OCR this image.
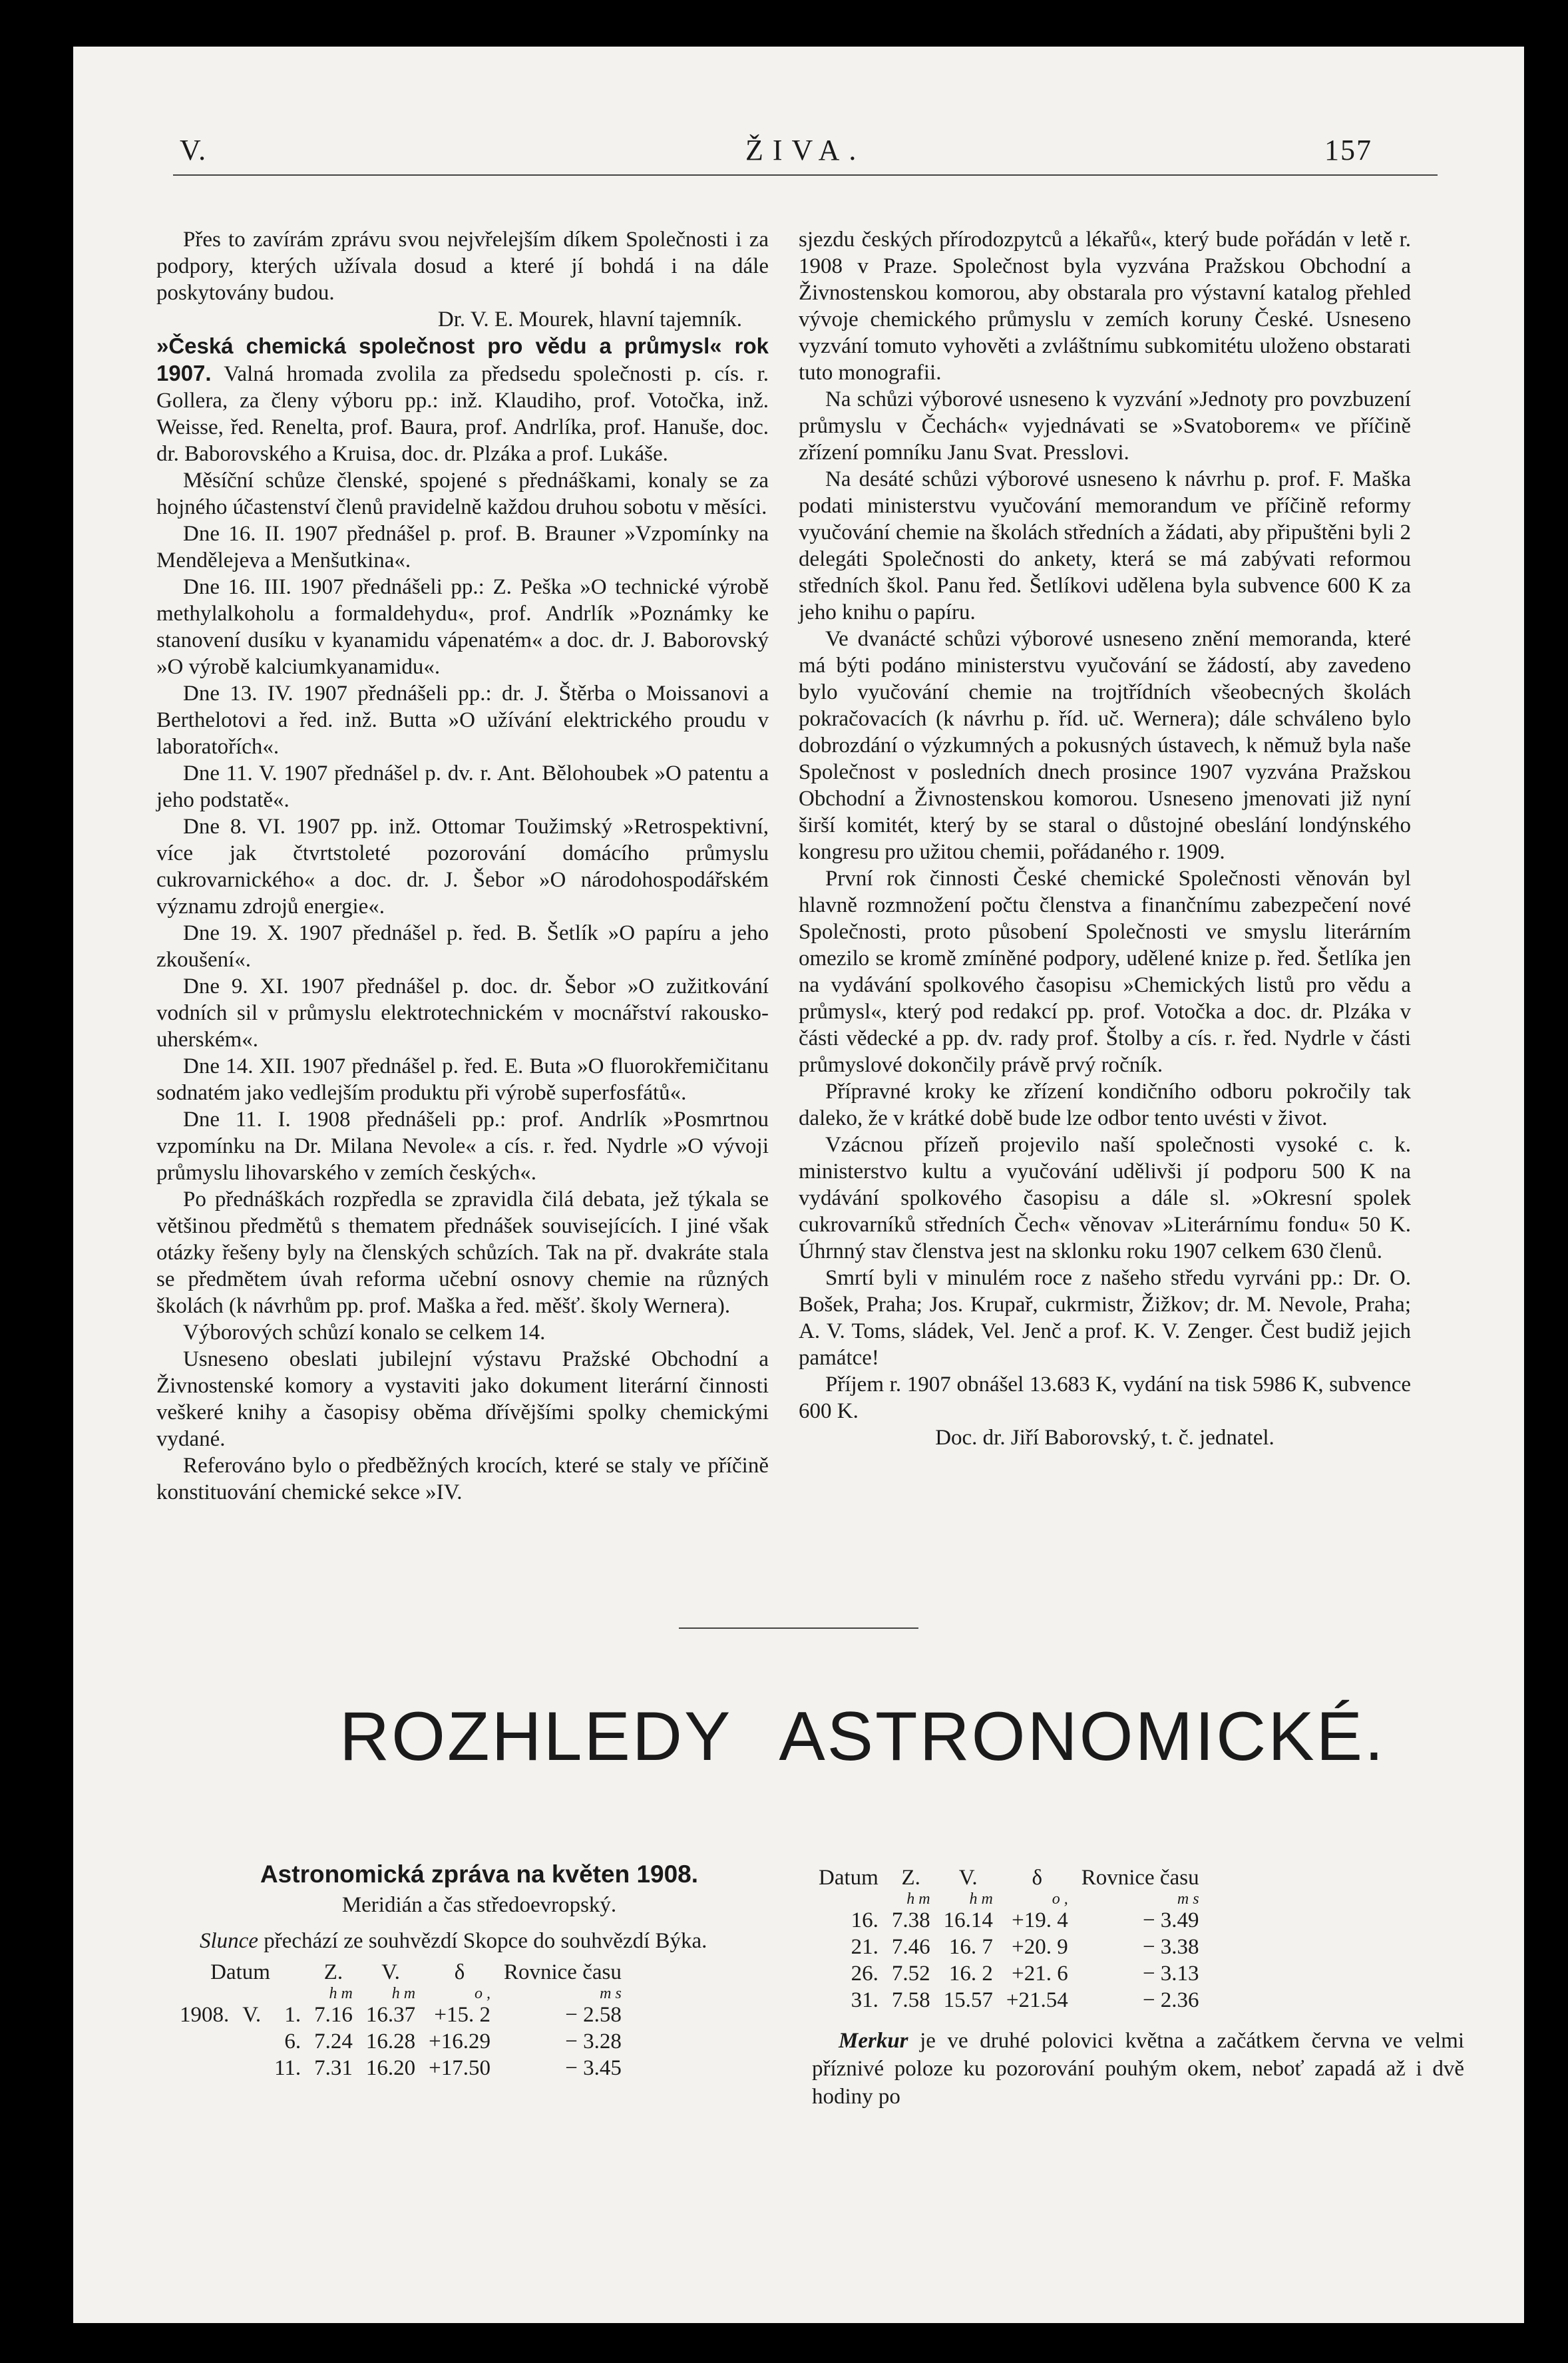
V.	ŽIVA.	157

Přes to zavírám zprávu svou nejvřelejším díkem Společnosti i za podpory, kterých užívala dosud a které jí bohdá i na dále poskytovány budou.

Dr. V. E. Mourek, hlavní tajemník.

»Česká chemická společnost pro vědu a průmysl« rok 1907. Valná hromada zvolila za předsedu společnosti p. cís. r. Gollera, za členy výboru pp.: inž. Klaudiho, prof. Votočka, inž. Weisse, řed. Renelta, prof. Baura, prof. Andrlíka, prof. Hanuše, doc. dr. Baborovského a Kruisa, doc. dr. Plzáka a prof. Lukáše.

Měsíční schůze členské, spojené s přednáškami, konaly se za hojného účastenství členů pravidelně každou druhou sobotu v měsíci.

Dne 16. II. 1907 přednášel p. prof. B. Brauner »Vzpomínky na Mendělejeva a Menšutkina«.

Dne 16. III. 1907 přednášeli pp.: Z. Peška »O technické výrobě methylalkoholu a formaldehydu«, prof. Andrlík »Poznámky ke stanovení dusíku v kyanamidu vápenatém« a doc. dr. J. Baborovský »O výrobě kalciumkyanamidu«.

Dne 13. IV. 1907 přednášeli pp.: dr. J. Štěrba o Moissanovi a Berthelotovi a řed. inž. Butta »O užívání elektrického proudu v laboratořích«.

Dne 11. V. 1907 přednášel p. dv. r. Ant. Bělohoubek »O patentu a jeho podstatě«.

Dne 8. VI. 1907 pp. inž. Ottomar Toužimský »Retrospektivní, více jak čtvrtstoleté pozorování domácího průmyslu cukrovarnického« a doc. dr. J. Šebor »O národohospodářském významu zdrojů energie«.

Dne 19. X. 1907 přednášel p. řed. B. Šetlík »O papíru a jeho zkoušení«.

Dne 9. XI. 1907 přednášel p. doc. dr. Šebor »O zužitkování vodních sil v průmyslu elektrotechnickém v mocnářství rakousko-uherském«.

Dne 14. XII. 1907 přednášel p. řed. E. Buta »O fluorokřemičitanu sodnatém jako vedlejším produktu při výrobě superfosfátů«.

Dne 11. I. 1908 přednášeli pp.: prof. Andrlík »Posmrtnou vzpomínku na Dr. Milana Nevole« a cís. r. řed. Nydrle »O vývoji průmyslu lihovarského v zemích českých«.

Po přednáškách rozpředla se zpravidla čilá debata, jež týkala se většinou předmětů s thematem přednášek souvisejících. I jiné však otázky řešeny byly na členských schůzích. Tak na př. dvakráte stala se předmětem úvah reforma učební osnovy chemie na různých školách (k návrhům pp. prof. Maška a řed. měšť. školy Wernera).

Výborových schůzí konalo se celkem 14.

Usneseno obeslati jubilejní výstavu Pražské Obchodní a Živnostenské komory a vystaviti jako dokument literární činnosti veškeré knihy a časopisy oběma dřívějšími spolky chemickými vydané.

Referováno bylo o předběžných krocích, které se staly ve příčině konstituování chemické sekce »IV.

sjezdu českých přírodozpytců a lékařů«, který bude pořádán v letě r. 1908 v Praze. Společnost byla vyzvána Pražskou Obchodní a Živnostenskou komorou, aby obstarala pro výstavní katalog přehled vývoje chemického průmyslu v zemích koruny České. Usneseno vyzvání tomuto vyhověti a zvláštnímu subkomitétu uloženo obstarati tuto monografii.

Na schůzi výborové usneseno k vyzvání »Jednoty pro povzbuzení průmyslu v Čechách« vyjednávati se »Svatoborem« ve příčině zřízení pomníku Janu Svat. Presslovi.

Na desáté schůzi výborové usneseno k návrhu p. prof. F. Maška podati ministerstvu vyučování memorandum ve příčině reformy vyučování chemie na školách středních a žádati, aby připuštěni byli 2 delegáti Společnosti do ankety, která se má zabývati reformou středních škol. Panu řed. Šetlíkovi udělena byla subvence 600 K za jeho knihu o papíru.

Ve dvanácté schůzi výborové usneseno znění memoranda, které má býti podáno ministerstvu vyučování se žádostí, aby zavedeno bylo vyučování chemie na trojtřídních všeobecných školách pokračovacích (k návrhu p. říd. uč. Wernera); dále schváleno bylo dobrozdání o výzkumných a pokusných ústavech, k němuž byla naše Společnost v posledních dnech prosince 1907 vyzvána Pražskou Obchodní a Živnostenskou komorou. Usneseno jmenovati již nyní širší komitét, který by se staral o důstojné obeslání londýnského kongresu pro užitou chemii, pořádaného r. 1909.

První rok činnosti České chemické Společnosti věnován byl hlavně rozmnožení počtu členstva a finančnímu zabezpečení nové Společnosti, proto působení Společnosti ve smyslu literárním omezilo se kromě zmíněné podpory, udělené knize p. řed. Šetlíka jen na vydávání spolkového časopisu »Chemických listů pro vědu a průmysl«, který pod redakcí pp. prof. Votočka a doc. dr. Plzáka v části vědecké a pp. dv. rady prof. Štolby a cís. r. řed. Nydrle v části průmyslové dokončily právě prvý ročník.

Přípravné kroky ke zřízení kondičního odboru pokročily tak daleko, že v krátké době bude lze odbor tento uvésti v život.

Vzácnou přízeň projevilo naší společnosti vysoké c. k. ministerstvo kultu a vyučování udělivši jí podporu 500 K na vydávání spolkového časopisu a dále sl. »Okresní spolek cukrovarníků středních Čech« věnovav »Literárnímu fondu« 50 K. Úhrnný stav členstva jest na sklonku roku 1907 celkem 630 členů.

Smrtí byli v minulém roce z našeho středu vyrváni pp.: Dr. O. Bošek, Praha; Jos. Krupař, cukrmistr, Žižkov; dr. M. Nevole, Praha; A. V. Toms, sládek, Vel. Jenč a prof. K. V. Zenger. Čest budiž jejich památce!

Příjem r. 1907 obnášel 13.683 K, vydání na tisk 5986 K, subvence 600 K.

Doc. dr. Jiří Baborovský, t. č. jednatel.

ROZHLEDY ASTRONOMICKÉ.
Astronomická zpráva na květen 1908.
Meridián a čas středoevropský.

Slunce přechází ze souhvězdí Skopce do souhvězdí Býka.

Datum			Z.	V.	δ	Rovnice času
			h m	h m	o ,	m s
1908.	V.	1.	7.16	16.37	+15. 2	− 2.58
		6.	7.24	16.28	+16.29	− 3.28
		11.	7.31	16.20	+17.50	− 3.45
Datum	Z.	V.	δ	Rovnice času
	h m	h m	o ,	m s
16.	7.38	16.14	+19. 4	− 3.49
21.	7.46	16. 7	+20. 9	− 3.38
26.	7.52	16. 2	+21. 6	− 3.13
31.	7.58	15.57	+21.54	− 2.36

Merkur je ve druhé polovici května a začátkem června ve velmi příznivé poloze ku pozorování pouhým okem, neboť zapadá až i dvě hodiny po
